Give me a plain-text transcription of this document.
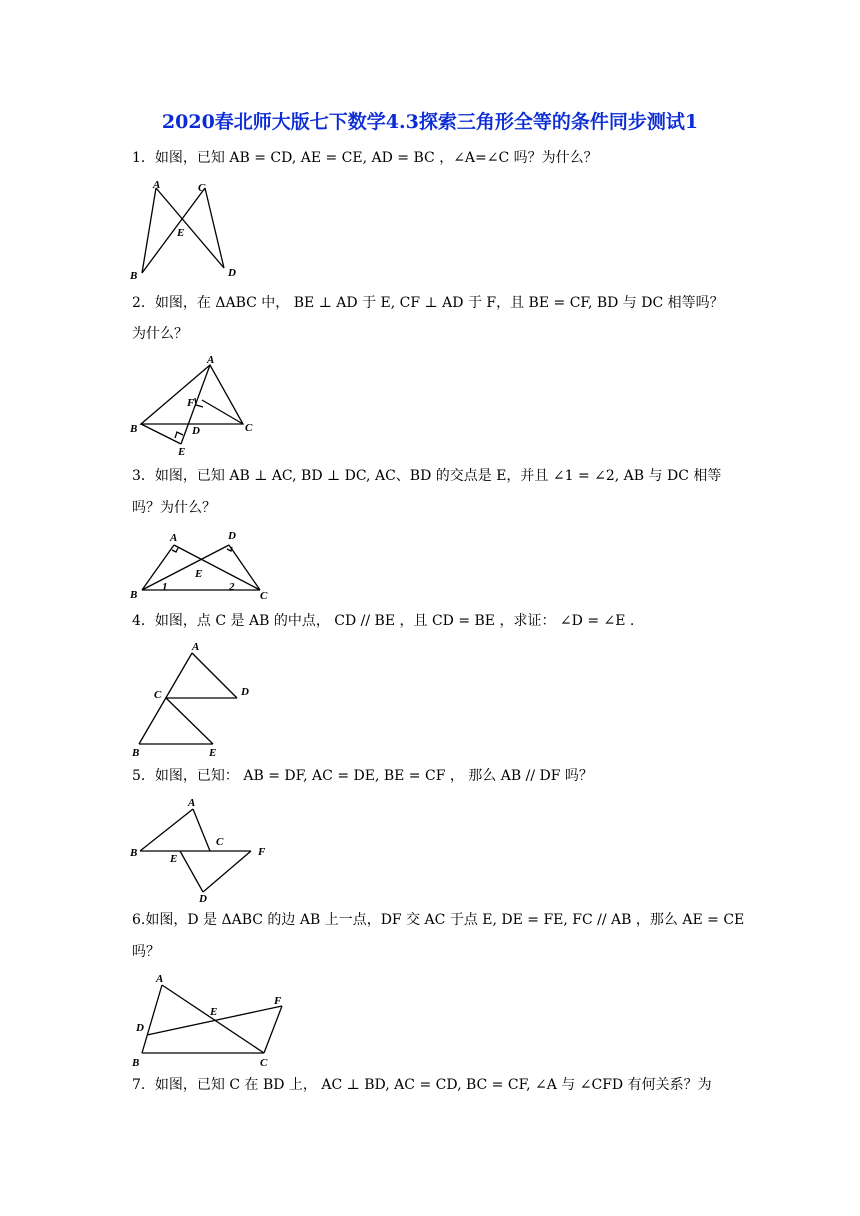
2020春北师大版七下数学4.3探索三角形全等的条件同步测试1
1．如图，已知 AB = CD, AE = CE, AD = BC ，∠A=∠C 吗？为什么？
A	C
E
B	D
2．如图，在 ΔABC 中， BE ⊥ AD 于 E, CF ⊥ AD 于 F，且 BE = CF, BD 与 DC 相等吗？
为什么？
A
F
B	D	C
E
3．如图，已知 AB ⊥ AC, BD ⊥ DC, AC、BD 的交点是 E，并且 ∠1 = ∠2, AB 与 DC 相等
吗？为什么？
A	D
E
B
1	2
C
4．如图，点 C 是 AB 的中点， CD // BE ，且 CD = BE ，求证： ∠D = ∠E .
A
C	D
B	E
5．如图，已知： AB = DF, AC = DE, BE = CF ， 那么 AB // DF 吗？
A
C
B	E
F
D
6.如图，D 是 ΔABC 的边 AB 上一点，DF 交 AC 于点 E, DE = FE, FC // AB ，那么 AE = CE
吗？
A
F
E
D
B	C
7．如图，已知 C 在 BD 上， AC ⊥ BD, AC = CD, BC = CF, ∠A 与 ∠CFD 有何关系？为
